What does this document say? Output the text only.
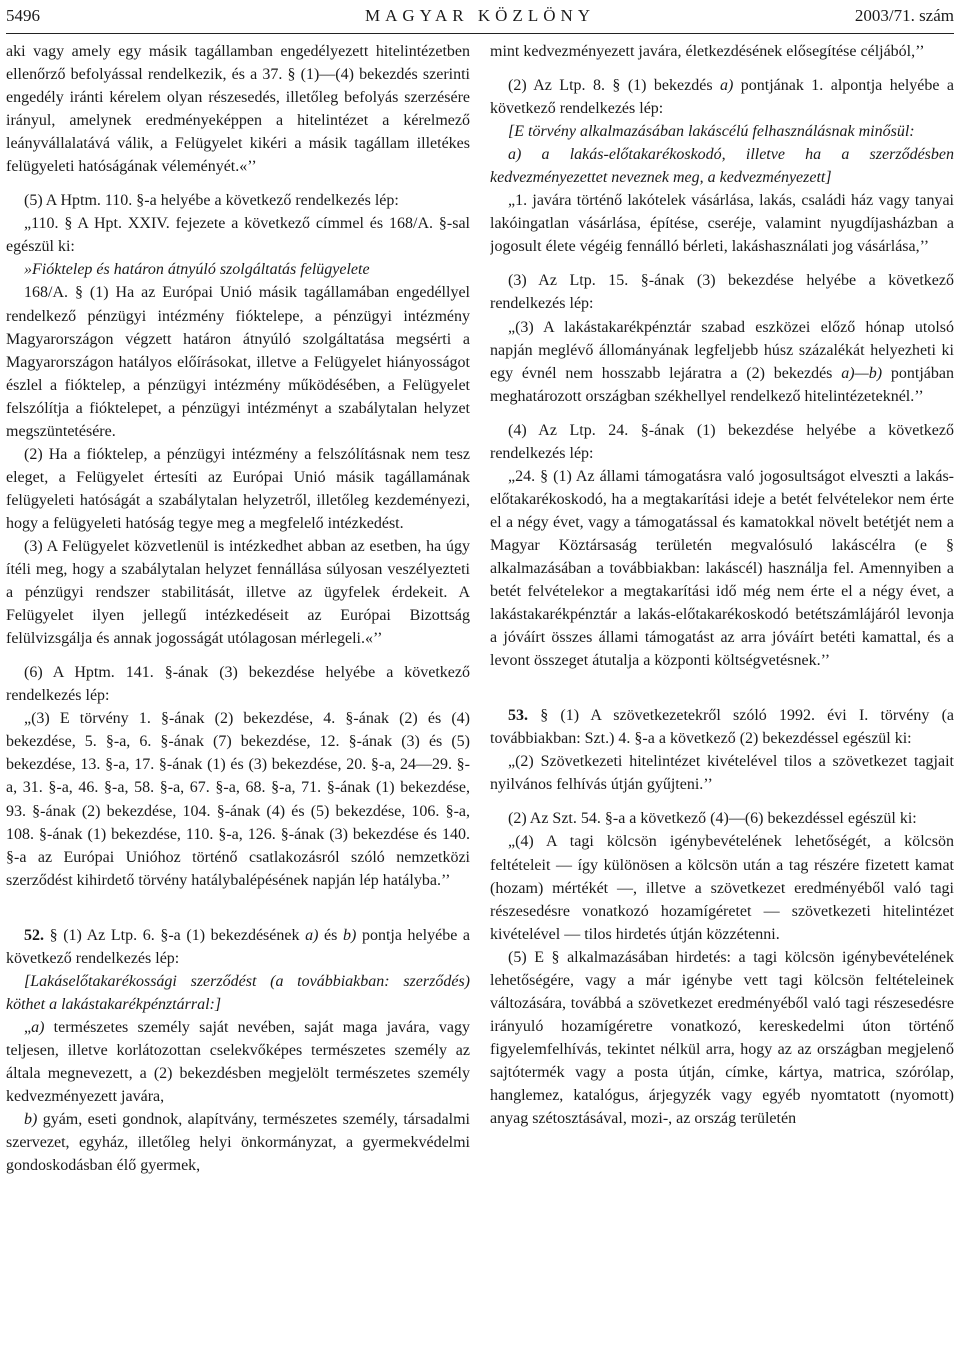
5496	MAGYAR KÖZLÖNY	2003/71. szám

aki vagy amely egy másik tagállamban engedélyezett hitelintézetben ellenőrző befolyással rendelkezik, és a 37. § (1)—(4) bekezdés szerinti engedély iránti kérelem olyan részesedés, illetőleg befolyás szerzésére irányul, amelynek eredményeképpen a hitelintézet a kérelmező leányvállalatává válik, a Felügyelet kikéri a másik tagállam illetékes felügyeleti hatóságának véleményét.«’’

(5) A Hptm. 110. §-a helyébe a következő rendelkezés lép:

„110. § A Hpt. XXIV. fejezete a következő címmel és 168/A. §-sal egészül ki:

»Fióktelep és határon átnyúló szolgáltatás felügyelete

168/A. § (1) Ha az Európai Unió másik tagállamában engedéllyel rendelkező pénzügyi intézmény fióktelepe, a pénzügyi intézmény Magyarországon végzett határon átnyúló szolgáltatása megsérti a Magyarországon hatályos előírásokat, illetve a Felügyelet hiányosságot észlel a fióktelep, a pénzügyi intézmény működésében, a Felügyelet felszólítja a fióktelepet, a pénzügyi intézményt a szabálytalan helyzet megszüntetésére.

(2) Ha a fióktelep, a pénzügyi intézmény a felszólításnak nem tesz eleget, a Felügyelet értesíti az Európai Unió másik tagállamának felügyeleti hatóságát a szabálytalan helyzetről, illetőleg kezdeményezi, hogy a felügyeleti hatóság tegye meg a megfelelő intézkedést.

(3) A Felügyelet közvetlenül is intézkedhet abban az esetben, ha úgy ítéli meg, hogy a szabálytalan helyzet fennállása súlyosan veszélyezteti a pénzügyi rendszer stabilitását, illetve az ügyfelek érdekeit. A Felügyelet ilyen jellegű intézkedéseit az Európai Bizottság felülvizsgálja és annak jogosságát utólagosan mérlegeli.«’’

(6) A Hptm. 141. §-ának (3) bekezdése helyébe a következő rendelkezés lép:

„(3) E törvény 1. §-ának (2) bekezdése, 4. §-ának (2) és (4) bekezdése, 5. §-a, 6. §-ának (7) bekezdése, 12. §-ának (3) és (5) bekezdése, 13. §-a, 17. §-ának (1) és (3) bekezdése, 20. §-a, 24—29. §-a, 31. §-a, 46. §-a, 58. §-a, 67. §-a, 68. §-a, 71. §-ának (1) bekezdése, 93. §-ának (2) bekezdése, 104. §-ának (4) és (5) bekezdése, 106. §-a, 108. §-ának (1) bekezdése, 110. §-a, 126. §-ának (3) bekezdése és 140. §-a az Európai Unióhoz történő csatlakozásról szóló nemzetközi szerződést kihirdető törvény hatálybalépésének napján lép hatályba.’’

52. § (1) Az Ltp. 6. §-a (1) bekezdésének a) és b) pontja helyébe a következő rendelkezés lép:

[Lakáselőtakarékossági szerződést (a továbbiakban: szerződés) köthet a lakástakarékpénztárral:]

„a) természetes személy saját nevében, saját maga javára, vagy teljesen, illetve korlátozottan cselekvőképes természetes személy az általa megnevezett, a (2) bekezdésben megjelölt természetes személy kedvezményezett javára,

b) gyám, eseti gondnok, alapítvány, természetes személy, társadalmi szervezet, egyház, illetőleg helyi önkormányzat, a gyermekvédelmi gondoskodásban élő gyermek,

mint kedvezményezett javára, életkezdésének elősegítése céljából,’’

(2) Az Ltp. 8. § (1) bekezdés a) pontjának 1. alpontja helyébe a következő rendelkezés lép:

[E törvény alkalmazásában lakáscélú felhasználásnak minősül:

a) a lakás-előtakarékoskodó, illetve ha a szerződésben kedvezményezettet neveznek meg, a kedvezményezett]

„1. javára történő lakótelek vásárlása, lakás, családi ház vagy tanyai lakóingatlan vásárlása, építése, cseréje, valamint nyugdíjasházban a jogosult élete végéig fennálló bérleti, lakáshasználati jog vásárlása,’’

(3) Az Ltp. 15. §-ának (3) bekezdése helyébe a következő rendelkezés lép:

„(3) A lakástakarékpénztár szabad eszközei előző hónap utolsó napján meglévő állományának legfeljebb húsz százalékát helyezheti ki egy évnél nem hosszabb lejáratra a (2) bekezdés a)—b) pontjában meghatározott országban székhellyel rendelkező hitelintézeteknél.’’

(4) Az Ltp. 24. §-ának (1) bekezdése helyébe a következő rendelkezés lép:

„24. § (1) Az állami támogatásra való jogosultságot elveszti a lakás-előtakarékoskodó, ha a megtakarítási ideje a betét felvételekor nem érte el a négy évet, vagy a támogatással és kamatokkal növelt betétjét nem a Magyar Köztársaság területén megvalósuló lakáscélra (e § alkalmazásában a továbbiakban: lakáscél) használja fel. Amennyiben a betét felvételekor a megtakarítási idő még nem érte el a négy évet, a lakástakarékpénztár a lakás-előtakarékoskodó betétszámlájáról levonja a jóváírt összes állami támogatást az arra jóváírt betéti kamattal, és a levont összeget átutalja a központi költségvetésnek.’’

53. § (1) A szövetkezetekről szóló 1992. évi I. törvény (a továbbiakban: Szt.) 4. §-a a következő (2) bekezdéssel egészül ki:

„(2) Szövetkezeti hitelintézet kivételével tilos a szövetkezet tagjait nyilvános felhívás útján gyűjteni.’’

(2) Az Szt. 54. §-a a következő (4)—(6) bekezdéssel egészül ki:

„(4) A tagi kölcsön igénybevételének lehetőségét, a kölcsön feltételeit — így különösen a kölcsön után a tag részére fizetett kamat (hozam) mértékét —, illetve a szövetkezet eredményéből való tagi részesedésre vonatkozó hozamígéretet — szövetkezeti hitelintézet kivételével — tilos hirdetés útján közzétenni.

(5) E § alkalmazásában hirdetés: a tagi kölcsön igénybevételének lehetőségére, vagy a már igénybe vett tagi kölcsön feltételeinek változására, továbbá a szövetkezet eredményéből való tagi részesedésre irányuló hozamígéretre vonatkozó, kereskedelmi úton történő figyelemfelhívás, tekintet nélkül arra, hogy az az országban megjelenő sajtótermék vagy a posta útján, címke, kártya, matrica, szórólap, hanglemez, katalógus, árjegyzék vagy egyéb nyomtatott (nyomott) anyag szétosztásával, mozi-, az ország területén
